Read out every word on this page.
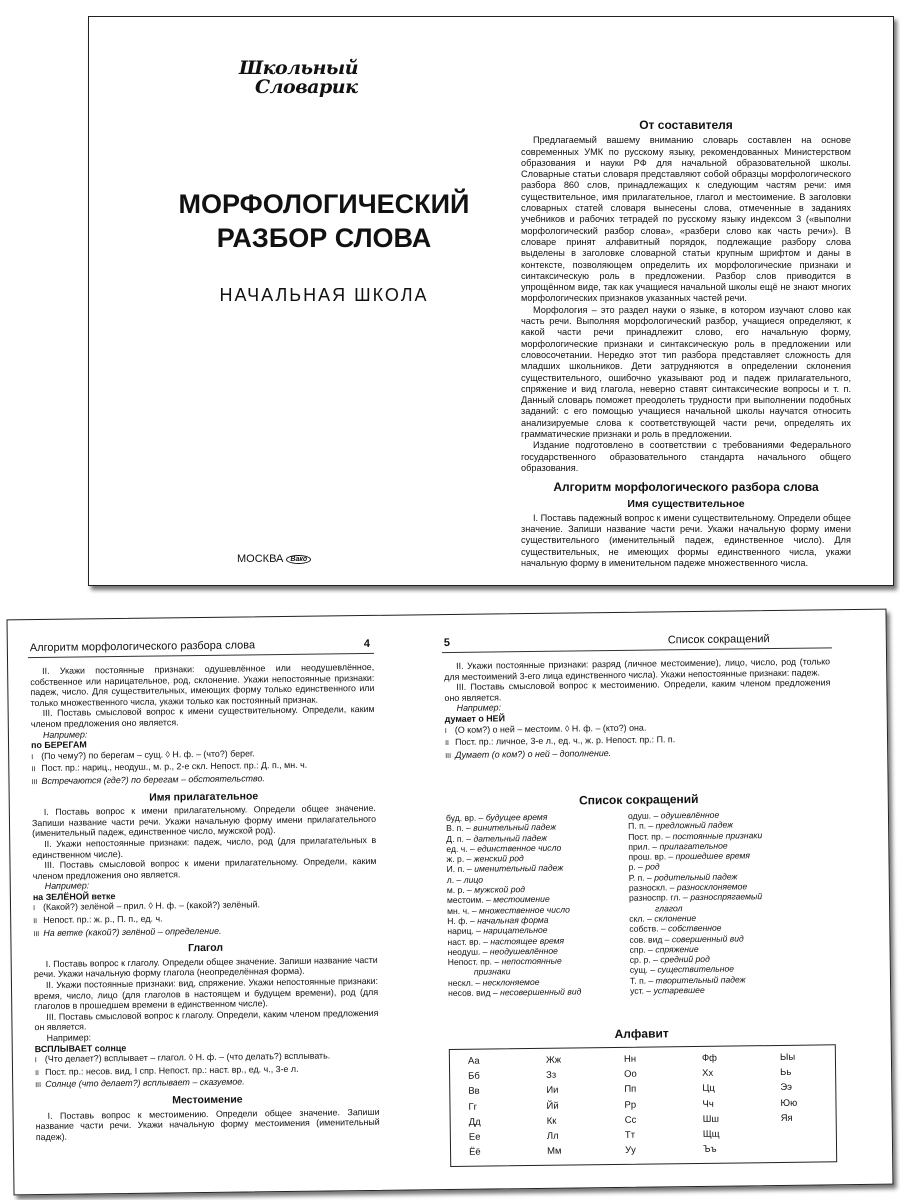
Школьный
Словарик
МОРФОЛОГИЧЕСКИЙ
РАЗБОР СЛОВА
НАЧАЛЬНАЯ ШКОЛА
МОСКВА Вако
От составителя

Предлагаемый вашему вниманию словарь составлен на основе современных УМК по русскому языку, рекомендованных Министерством образования и науки РФ для начальной образовательной школы. Словарные статьи словаря представляют собой образцы морфологического разбора 860 слов, принадлежащих к следующим частям речи: имя существительное, имя прилагательное, глагол и местоимение. В заголовки словарных статей словаря вынесены слова, отмеченные в заданиях учебников и рабочих тетрадей по русскому языку индексом 3 («выполни морфологический разбор слова», «разбери слово как часть речи»). В словаре принят алфавитный порядок, подлежащие разбору слова выделены в заголовке словарной статьи крупным шрифтом и даны в контексте, позволяющем определить их морфологические признаки и синтаксическую роль в предложении. Разбор слов приводится в упрощённом виде, так как учащиеся начальной школы ещё не знают многих морфологических признаков указанных частей речи.

Морфология – это раздел науки о языке, в котором изучают слово как часть речи. Выполняя морфологический разбор, учащиеся определяют, к какой части речи принадлежит слово, его начальную форму, морфологические признаки и синтаксическую роль в предложении или словосочетании. Нередко этот тип разбора представляет сложность для младших школьников. Дети затрудняются в определении склонения существительного, ошибочно указывают род и падеж прилагательного, спряжение и вид глагола, неверно ставят синтаксические вопросы и т. п. Данный словарь поможет преодолеть трудности при выполнении подобных заданий: с его помощью учащиеся начальной школы научатся относить анализируемые слова к соответствующей части речи, определять их грамматические признаки и роль в предложении.

Издание подготовлено в соответствии с требованиями Федерального государственного образовательного стандарта начального общего образования.

Алгоритм морфологического разбора слова
Имя существительное

I. Поставь падежный вопрос к имени существительному. Определи общее значение. Запиши название части речи. Укажи начальную форму имени существительного (именительный падеж, единственное число). Для существительных, не имеющих формы единственного числа, укажи начальную форму в именительном падеже множественного числа.

Алгоритм морфологического разбора слова	4	5	Список сокращений

II. Укажи постоянные признаки: одушевлённое или неодушевлённое, собственное или нарицательное, род, склонение. Укажи непостоянные признаки: падеж, число. Для существительных, имеющих форму только единственного или только множественного числа, укажи только как постоянный признак.

III. Поставь смысловой вопрос к имени существительному. Определи, каким членом предложения оно является.

Например:

по БЕРЕГАМ

I (По чему?) по берегам – сущ. ◊ Н. ф. – (что?) берег.

II Пост. пр.: нариц., неодуш., м. р., 2-е скл. Непост. пр.: Д. п., мн. ч.

III Встречаются (где?) по берегам – обстоятельство.

Имя прилагательное

I. Поставь вопрос к имени прилагательному. Определи общее значение. Запиши название части речи. Укажи начальную форму имени прилагательного (именительный падеж, единственное число, мужской род).

II. Укажи непостоянные признаки: падеж, число, род (для прилагательных в единственном числе).

III. Поставь смысловой вопрос к имени прилагательному. Определи, каким членом предложения оно является.

Например:

на ЗЕЛЁНОЙ ветке

I (Какой?) зелёной – прил. ◊ Н. ф. – (какой?) зелёный.

II Непост. пр.: ж. р., П. п., ед. ч.

III На ветке (какой?) зелёной – определение.

Глагол

I. Поставь вопрос к глаголу. Определи общее значение. Запиши название части речи. Укажи начальную форму глагола (неопределённая форма).

II. Укажи постоянные признаки: вид, спряжение. Укажи непостоянные признаки: время, число, лицо (для глаголов в настоящем и будущем времени), род (для глаголов в прошедшем времени в единственном числе).

III. Поставь смысловой вопрос к глаголу. Определи, каким членом предложения он является.

Например:

ВСПЛЫВАЕТ солнце

I (Что делает?) всплывает – глагол. ◊ Н. ф. – (что делать?) всплывать.

II Пост. пр.: несов. вид, I спр. Непост. пр.: наст. вр., ед. ч., 3-е л.

III Солнце (что делает?) всплывает – сказуемое.

Местоимение

I. Поставь вопрос к местоимению. Определи общее значение. Запиши название части речи. Укажи начальную форму местоимения (именительный падеж).

II. Укажи постоянные признаки: разряд (личное местоимение), лицо, число, род (только для местоимений 3-его лица единственного числа). Укажи непостоянные признаки: падеж.

III. Поставь смысловой вопрос к местоимению. Определи, каким членом предложения оно является.

Например:

думает о НЕЙ

I (О ком?) о ней – местоим. ◊ Н. ф. – (кто?) она.

II Пост. пр.: личное, 3-е л., ед. ч., ж. р. Непост. пр.: П. п.

III Думает (о ком?) о ней – дополнение.

Список сокращений
буд. вр. – будущее время
В. п. – винительный падеж
Д. п. – дательный падеж
ед. ч. – единственное число
ж. р. – женский род
И. п. – именительный падеж
л. – лицо
м. р. – мужской род
местоим. – местоимение
мн. ч. – множественное число
Н. ф. – начальная форма
нариц. – нарицательное
наст. вр. – настоящее время
неодуш. – неодушевлённое
Непост. пр. – непостоянные
признаки
нескл. – несклоняемое
несов. вид – несовершенный вид
одуш. – одушевлённое
П. п. – предложный падеж
Пост. пр. – постоянные признаки
прил. – прилагательное
прош. вр. – прошедшее время
р. – род
Р. п. – родительный падеж
разноскл. – разносклоняемое
разноспр. гл. – разноспрягаемый
глагол
скл. – склонение
собств. – собственное
сов. вид – совершенный вид
спр. – спряжение
ср. р. – средний род
сущ. – существительное
Т. п. – творительный падеж
уст. – устаревшее
Алфавит
Аа	Жж	Нн	Фф	Ыы
Бб	Зз	Оо	Хх	Ьь
Вв	Ии	Пп	Цц	Ээ
Гг	Йй	Рр	Чч	Юю
Дд	Кк	Сс	Шш	Яя
Ее	Лл	Тт	Щщ
Ёё	Мм	Уу	Ъъ
